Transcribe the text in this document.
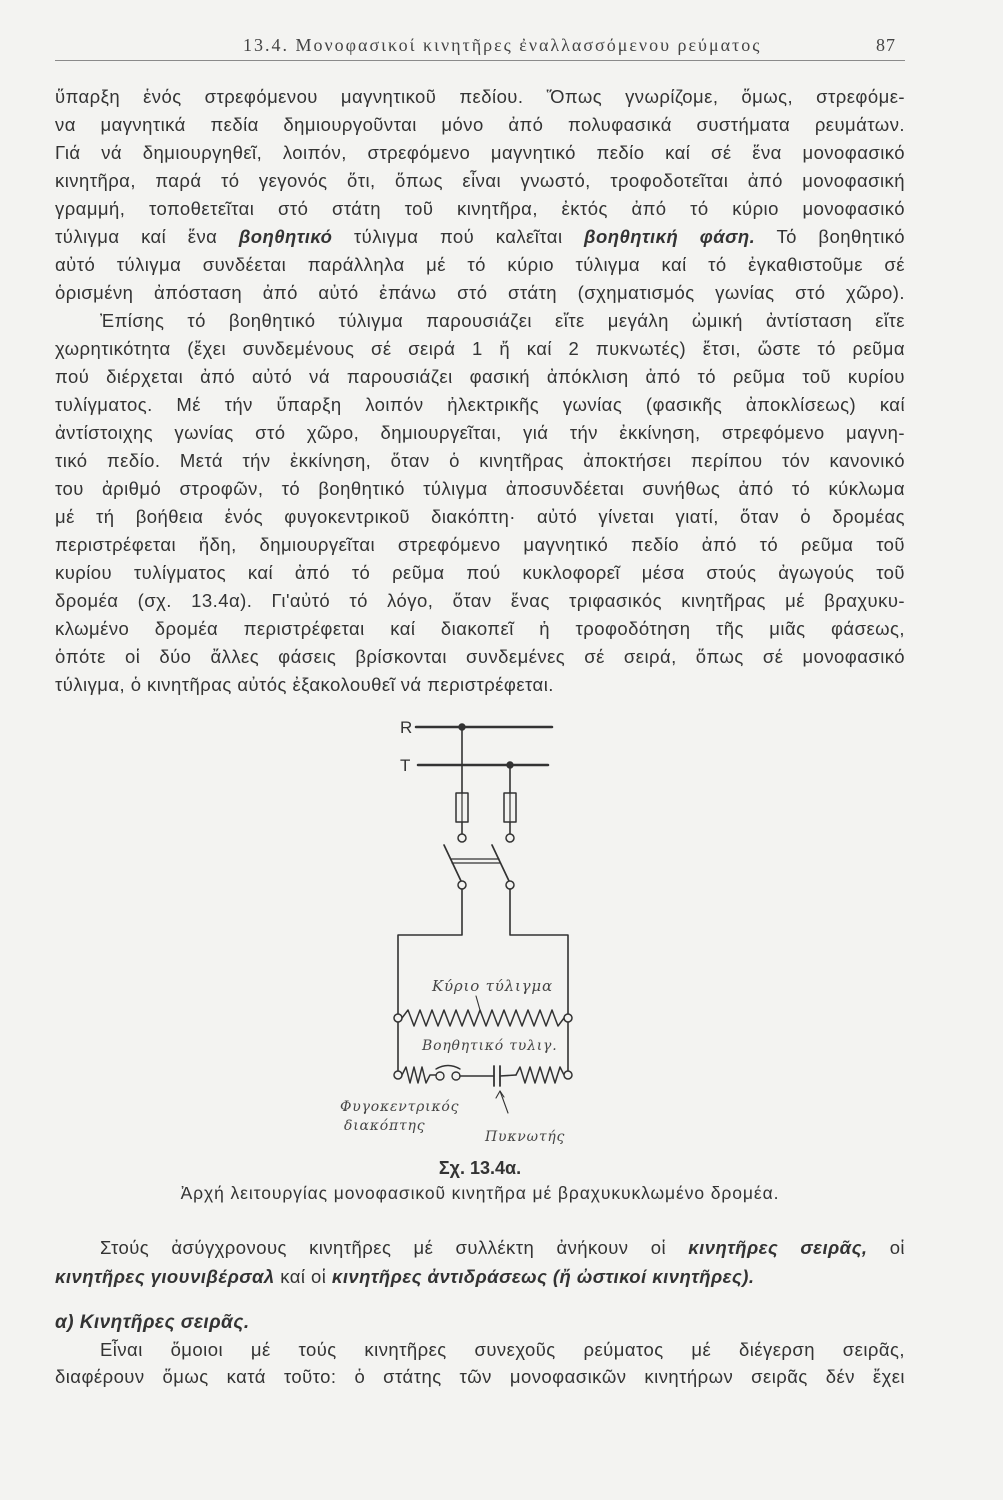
13.4. Μονοφασικοί κινητῆρες ἐναλλασσόμενου ρεύματος	87
ὕπαρξη ἑνός στρεφόμενου μαγνητικοῦ πεδίου. Ὅπως γνωρίζομε, ὅμως, στρεφόμε-
να μαγνητικά πεδία δημιουργοῦνται μόνο ἀπό πολυφασικά συστήματα ρευμάτων.
Γιά νά δημιουργηθεῖ, λοιπόν, στρεφόμενο μαγνητικό πεδίο καί σέ ἕνα μονοφασικό
κινητῆρα, παρά τό γεγονός ὅτι, ὅπως εἶναι γνωστό, τροφοδοτεῖται ἀπό μονοφασική
γραμμή, τοποθετεῖται στό στάτη τοῦ κινητῆρα, ἐκτός ἀπό τό κύριο μονοφασικό
τύλιγμα καί ἕνα βοηθητικό τύλιγμα πού καλεῖται βοηθητική φάση. Τό βοηθητικό
αὐτό τύλιγμα συνδέεται παράλληλα μέ τό κύριο τύλιγμα καί τό ἐγκαθιστοῦμε σέ
ὁρισμένη ἀπόσταση ἀπό αὐτό ἐπάνω στό στάτη (σχηματισμός γωνίας στό χῶρο).
Ἐπίσης τό βοηθητικό τύλιγμα παρουσιάζει εἴτε μεγάλη ὠμική ἀντίσταση εἴτε
χωρητικότητα (ἔχει συνδεμένους σέ σειρά 1 ἤ καί 2 πυκνωτές) ἔτσι, ὥστε τό ρεῦμα
πού διέρχεται ἀπό αὐτό νά παρουσιάζει φασική ἀπόκλιση ἀπό τό ρεῦμα τοῦ κυρίου
τυλίγματος. Μέ τήν ὕπαρξη λοιπόν ἠλεκτρικῆς γωνίας (φασικῆς ἀποκλίσεως) καί
ἀντίστοιχης γωνίας στό χῶρο, δημιουργεῖται, γιά τήν ἐκκίνηση, στρεφόμενο μαγνη-
τικό πεδίο. Μετά τήν ἐκκίνηση, ὅταν ὁ κινητῆρας ἀποκτήσει περίπου τόν κανονικό
του ἀριθμό στροφῶν, τό βοηθητικό τύλιγμα ἀποσυνδέεται συνήθως ἀπό τό κύκλωμα
μέ τή βοήθεια ἑνός φυγοκεντρικοῦ διακόπτη· αὐτό γίνεται γιατί, ὅταν ὁ δρομέας
περιστρέφεται ἤδη, δημιουργεῖται στρεφόμενο μαγνητικό πεδίο ἀπό τό ρεῦμα τοῦ
κυρίου τυλίγματος καί ἀπό τό ρεῦμα πού κυκλοφορεῖ μέσα στούς ἀγωγούς τοῦ
δρομέα (σχ. 13.4α). Γι'αὐτό τό λόγο, ὅταν ἕνας τριφασικός κινητῆρας μέ βραχυκυ-
κλωμένο δρομέα περιστρέφεται καί διακοπεῖ ἡ τροφοδότηση τῆς μιᾶς φάσεως,
ὁπότε οἱ δύο ἄλλες φάσεις βρίσκονται συνδεμένες σέ σειρά, ὅπως σέ μονοφασικό
τύλιγμα, ὁ κινητῆρας αὐτός ἐξακολουθεῖ νά περιστρέφεται.
R
T
Κύριο τύλιγμα
Βοηθητικό τυλιγ.
Φυγοκεντρικός
διακόπτης
Πυκνωτής
Σχ. 13.4α.
Ἀρχή λειτουργίας μονοφασικοῦ κινητῆρα μέ βραχυκυκλωμένο δρομέα.
Στούς ἀσύγχρονους κινητῆρες μέ συλλέκτη ἀνήκουν οἱ κινητῆρες σειρᾶς, οἱ
κινητῆρες γιουνιβέρσαλ καί οἱ κινητῆρες ἀντιδράσεως (ἤ ὠστικοί κινητῆρες).
α) Κινητῆρες σειρᾶς.
Εἶναι ὅμοιοι μέ τούς κινητῆρες συνεχοῦς ρεύματος μέ διέγερση σειρᾶς,
διαφέρουν ὅμως κατά τοῦτο: ὁ στάτης τῶν μονοφασικῶν κινητήρων σειρᾶς δέν ἔχει
